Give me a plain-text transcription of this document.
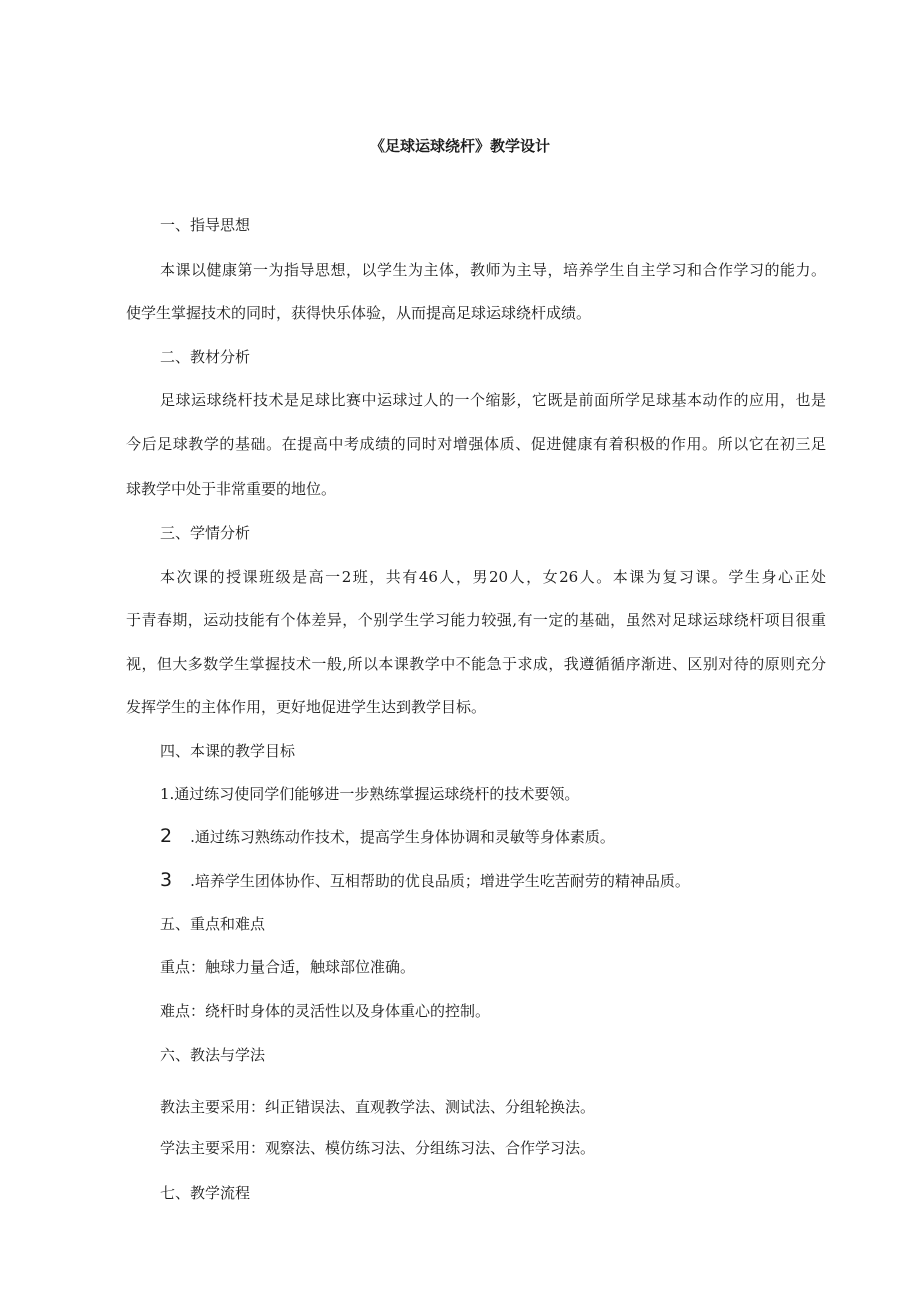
《足球运球绕杆》教学设计
一、指导思想
本课以健康第一为指导思想，以学生为主体，教师为主导，培养学生自主学习和合作学习的能力。
使学生掌握技术的同时，获得快乐体验，从而提高足球运球绕杆成绩。
二、教材分析
足球运球绕杆技术是足球比赛中运球过人的一个缩影，它既是前面所学足球基本动作的应用，也是
今后足球教学的基础。在提高中考成绩的同时对增强体质、促进健康有着积极的作用。所以它在初三足
球教学中处于非常重要的地位。
三、学情分析
本次课的授课班级是高一2班，共有46人，男20人，女26人。本课为复习课。学生身心正处
于青春期，运动技能有个体差异，个别学生学习能力较强,有一定的基础，虽然对足球运球绕杆项目很重
视，但大多数学生掌握技术一般,所以本课教学中不能急于求成，我遵循循序渐进、区别对待的原则充分
发挥学生的主体作用，更好地促进学生达到教学目标。
四、本课的教学目标
1.通过练习使同学们能够进一步熟练掌握运球绕杆的技术要领。
2 .通过练习熟练动作技术，提高学生身体协调和灵敏等身体素质。
3 .培养学生团体协作、互相帮助的优良品质；增进学生吃苦耐劳的精神品质。
五、重点和难点
重点：触球力量合适，触球部位准确。
难点：绕杆时身体的灵活性以及身体重心的控制。
六、教法与学法
教法主要采用：纠正错误法、直观教学法、测试法、分组轮换法。
学法主要采用：观察法、模仿练习法、分组练习法、合作学习法。
七、教学流程
